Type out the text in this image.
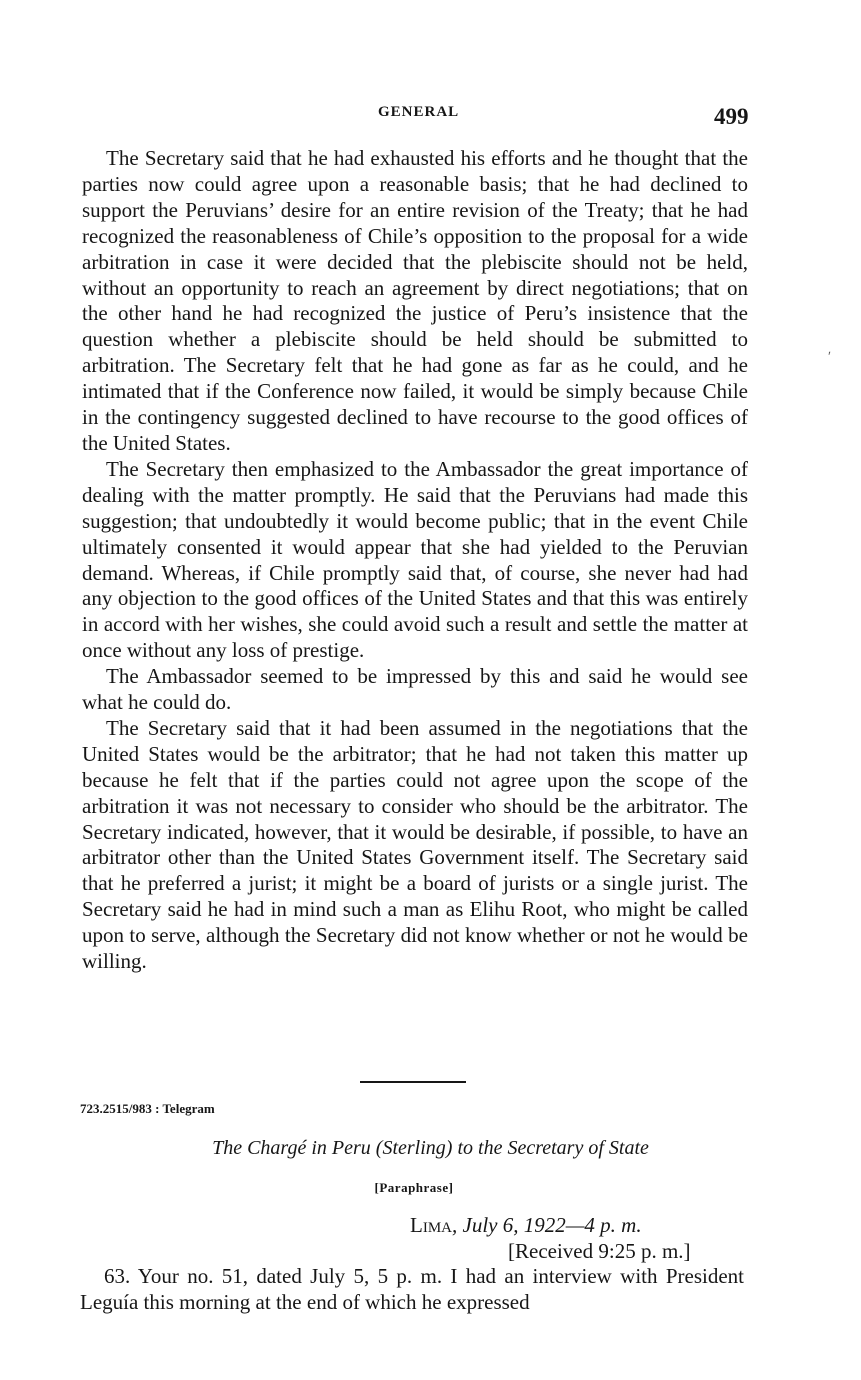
GENERAL	499
ʹ

The Secretary said that he had exhausted his efforts and he thought that the parties now could agree upon a reasonable basis; that he had declined to support the Peruvians’ desire for an entire revision of the Treaty; that he had recognized the reasonableness of Chile’s opposition to the proposal for a wide arbitration in case it were decided that the plebiscite should not be held, without an opportunity to reach an agreement by direct negotiations; that on the other hand he had recognized the justice of Peru’s insistence that the question whether a plebiscite should be held should be submitted to arbitration. The Secretary felt that he had gone as far as he could, and he intimated that if the Conference now failed, it would be simply because Chile in the contingency suggested declined to have recourse to the good offices of the United States.

The Secretary then emphasized to the Ambassador the great importance of dealing with the matter promptly. He said that the Peruvians had made this suggestion; that undoubtedly it would become public; that in the event Chile ultimately consented it would appear that she had yielded to the Peruvian demand. Whereas, if Chile promptly said that, of course, she never had had any objection to the good offices of the United States and that this was entirely in accord with her wishes, she could avoid such a result and settle the matter at once without any loss of prestige.

The Ambassador seemed to be impressed by this and said he would see what he could do.

The Secretary said that it had been assumed in the negotiations that the United States would be the arbitrator; that he had not taken this matter up because he felt that if the parties could not agree upon the scope of the arbitration it was not necessary to consider who should be the arbitrator. The Secretary indicated, however, that it would be desirable, if possible, to have an arbitrator other than the United States Government itself. The Secretary said that he preferred a jurist; it might be a board of jurists or a single jurist. The Secretary said he had in mind such a man as Elihu Root, who might be called upon to serve, although the Secretary did not know whether or not he would be willing.

723.2515/983 : Telegram
The Chargé in Peru (Sterling) to the Secretary of State
[Paraphrase]
Lima, July 6, 1922—4 p. m.
[Received 9:25 p. m.]

63. Your no. 51, dated July 5, 5 p. m. I had an interview with President Leguía this morning at the end of which he expressed
